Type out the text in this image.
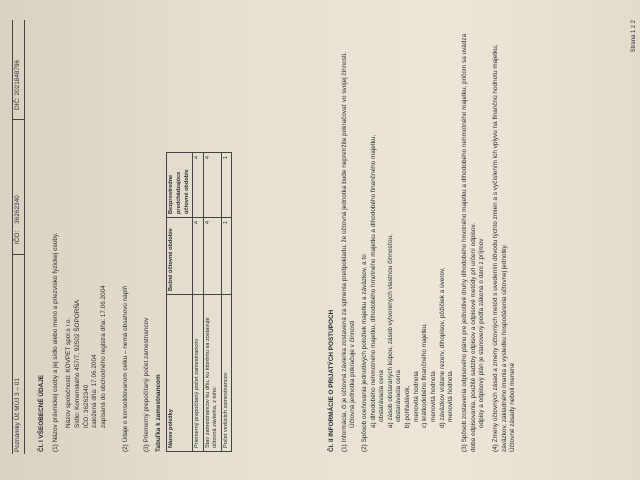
Poznámky Úč MÚJ 3 – 01
IČO:    36262340
DIČ: 2021848796
Čl. I VŠEOBECNÉ ÚDAJE (1) Názov právnickej osoby a jej sídlo alebo meno a priezvisko fyzickej osoby. Názov spoločnosti: KOVPET spol.s r.o. Sídlo: Komenského 457/7, 92502 ŠOPORŇA IČO: 36262340 založená dňa: 17.06.2004 zapísaná do obchodného registra dňa: 17.06.2004 (2) Údaje o konsolidovanom celku – nemá obsahovú náplň (3) Priemerný prepočítaný počet zamestnancov Tabuľka k zamestnancom Názov položky	Bežné účtovné obdobie	Bezprostredne predchádzajúce účtovné obdobie
Priemerný prepočítaný počet zamestnancov	4	4
Stav zamestnancov ku dňu, ku ktorému sa zostavuje účtovná závierka, z toho:	4	4
Počet vedúcich zamestnancov	1	1
Čl. II INFORMÁCIE O PRIJATÝCH POSTUPOCH (1) Informácia, či je účtovná závierka zostavená za splnenia predpokladu, že účtovná jednotka bude nepretržite pokračovať vo svojej činnosti. Účtovná jednotka pokračuje v činnosti (2) Spôsob oceňovania jednotlivých položiek majetku a záväzkov, a to a) dlhodobého nehmotného majetku, dlhodobého hmotného majetku a dlhodobého finančného majetku, obstarávacia cena a) zásob obstaraných kúpou, zásob vytvorených vlastnou činnosťou, obstarávacia cena b) pohľadávok, menovitá hodnota c) krátkodobého finančného majetku, menovitá hodnota d) záväzkov vrátane rezerv, dlhopisov, pôžičiek a úverov, menovitá hodnota (3) Spôsob zostavenia odpisového plánu pre jednotlivé druhy dlhodobého hmotného majetku a dlhodobého nehmotného majetku, pričom sa uvádza doba odpisovania, použité sadzby odpisov a odpisové metódy pri určení odpisov. odpisy a odpisový plán je stanovený podľa zákona o dani z príjmov (4) Zmeny účtovných zásad a zmeny účtovných metód s uvedením dôvodu týchto zmien a s vyčíslením ich vplyvu na finančnú hodnotu majetku, záväzkov, základného imania a výsledku hospodárenia účtovnej jednotky. Účtovné zásady neboli menené
Strana 1 z 2
